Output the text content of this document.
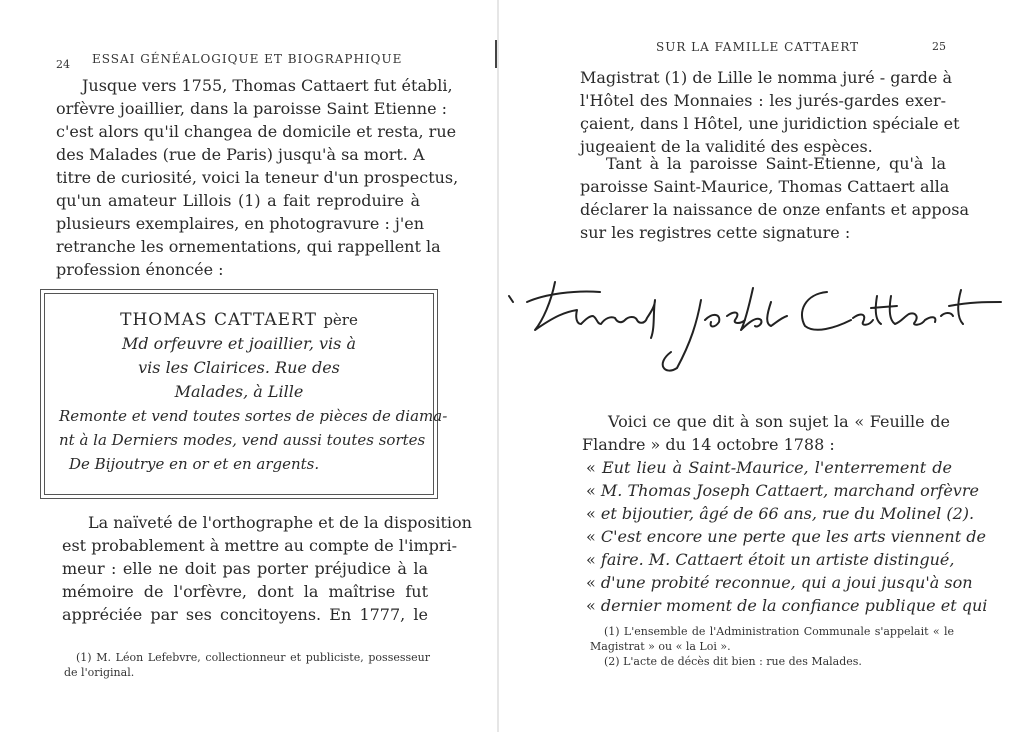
24 ESSAI GÉNÉALOGIQUE ET BIOGRAPHIQUE
Jusque vers 1755, Thomas Cattaert fut établi,
orfèvre joaillier, dans la paroisse Saint Etienne :
c'est alors qu'il changea de domicile et resta, rue
des Malades (rue de Paris) jusqu'à sa mort. A
titre de curiosité, voici la teneur d'un prospectus,
qu'un amateur Lillois (1) a fait reproduire à
plusieurs exemplaires, en photogravure : j'en
retranche les ornementations, qui rappellent la
profession énoncée :
THOMAS CATTAERT père
Md orfeuvre et joaillier, vis à
vis les Clairices. Rue des
Malades, à Lille
Remonte et vend toutes sortes de pièces de diama-
nt à la Derniers modes, vend aussi toutes sortes
De Bijoutrye en or et en argents.
La naïveté de l'orthographe et de la disposition
est probablement à mettre au compte de l'impri-
meur : elle ne doit pas porter préjudice à la
mémoire de l'orfèvre, dont la maîtrise fut
appréciée par ses concitoyens. En 1777, le
(1) M. Léon Lefebvre, collectionneur et publiciste, possesseur
de l'original.
SUR LA FAMILLE CATTAERT	25
Magistrat (1) de Lille le nomma juré - garde à
l'Hôtel des Monnaies : les jurés-gardes exer-
çaient, dans l Hôtel, une juridiction spéciale et
jugeaient de la validité des espèces.
Tant à la paroisse Saint-Etienne, qu'à la
paroisse Saint-Maurice, Thomas Cattaert alla
déclarer la naissance de onze enfants et apposa
sur les registres cette signature :
Voici ce que dit à son sujet la « Feuille de
Flandre » du 14 octobre 1788 :
« Eut lieu à Saint-Maurice, l'enterrement de
« M. Thomas Joseph Cattaert, marchand orfèvre
« et bijoutier, âgé de 66 ans, rue du Molinel (2).
« C'est encore une perte que les arts viennent de
« faire. M. Cattaert étoit un artiste distingué,
« d'une probité reconnue, qui a joui jusqu'à son
« dernier moment de la confiance publique et qui
(1) L'ensemble de l'Administration Communale s'appelait « le
Magistrat » ou « la Loi ».
(2) L'acte de décès dit bien : rue des Malades.
